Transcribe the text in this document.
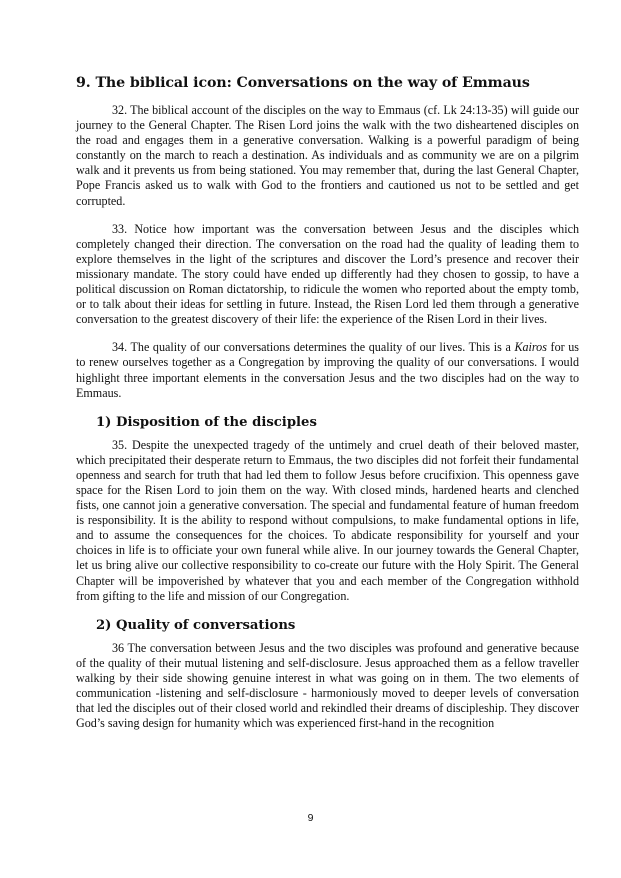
9. The biblical icon: Conversations on the way of Emmaus

32. The biblical account of the disciples on the way to Emmaus (cf. Lk 24:13-35) will guide our journey to the General Chapter. The Risen Lord joins the walk with the two disheartened disciples on the road and engages them in a generative conversation. Walking is a powerful paradigm of being constantly on the march to reach a destination. As individuals and as community we are on a pilgrim walk and it prevents us from being stationed. You may remember that, during the last General Chapter, Pope Francis asked us to walk with God to the frontiers and cautioned us not to be settled and get corrupted.

33. Notice how important was the conversation between Jesus and the disciples which completely changed their direction. The conversation on the road had the quality of leading them to explore themselves in the light of the scriptures and discover the Lord’s presence and recover their missionary mandate. The story could have ended up differently had they chosen to gossip, to have a political discussion on Roman dictatorship, to ridicule the women who reported about the empty tomb, or to talk about their ideas for settling in future. Instead, the Risen Lord led them through a generative conversation to the greatest discovery of their life: the experience of the Risen Lord in their lives.

34. The quality of our conversations determines the quality of our lives. This is a Kairos for us to renew ourselves together as a Congregation by improving the quality of our conversations. I would highlight three important elements in the conversation Jesus and the two disciples had on the way to Emmaus.

1) Disposition of the disciples

35. Despite the unexpected tragedy of the untimely and cruel death of their beloved master, which precipitated their desperate return to Emmaus, the two disciples did not forfeit their fundamental openness and search for truth that had led them to follow Jesus before crucifixion. This openness gave space for the Risen Lord to join them on the way. With closed minds, hardened hearts and clenched fists, one cannot join a generative conversation. The special and fundamental feature of human freedom is responsibility. It is the ability to respond without compulsions, to make fundamental options in life, and to assume the consequences for the choices. To abdicate responsibility for yourself and your choices in life is to officiate your own funeral while alive. In our journey towards the General Chapter, let us bring alive our collective responsibility to co-create our future with the Holy Spirit. The General Chapter will be impoverished by whatever that you and each member of the Congregation withhold from gifting to the life and mission of our Congregation.

2) Quality of conversations

36 The conversation between Jesus and the two disciples was profound and generative because of the quality of their mutual listening and self-disclosure. Jesus approached them as a fellow traveller walking by their side showing genuine interest in what was going on in them. The two elements of communication -listening and self-disclosure - harmoniously moved to deeper levels of conversation that led the disciples out of their closed world and rekindled their dreams of discipleship. They discover God’s saving design for humanity which was experienced first-hand in the recognition

9
